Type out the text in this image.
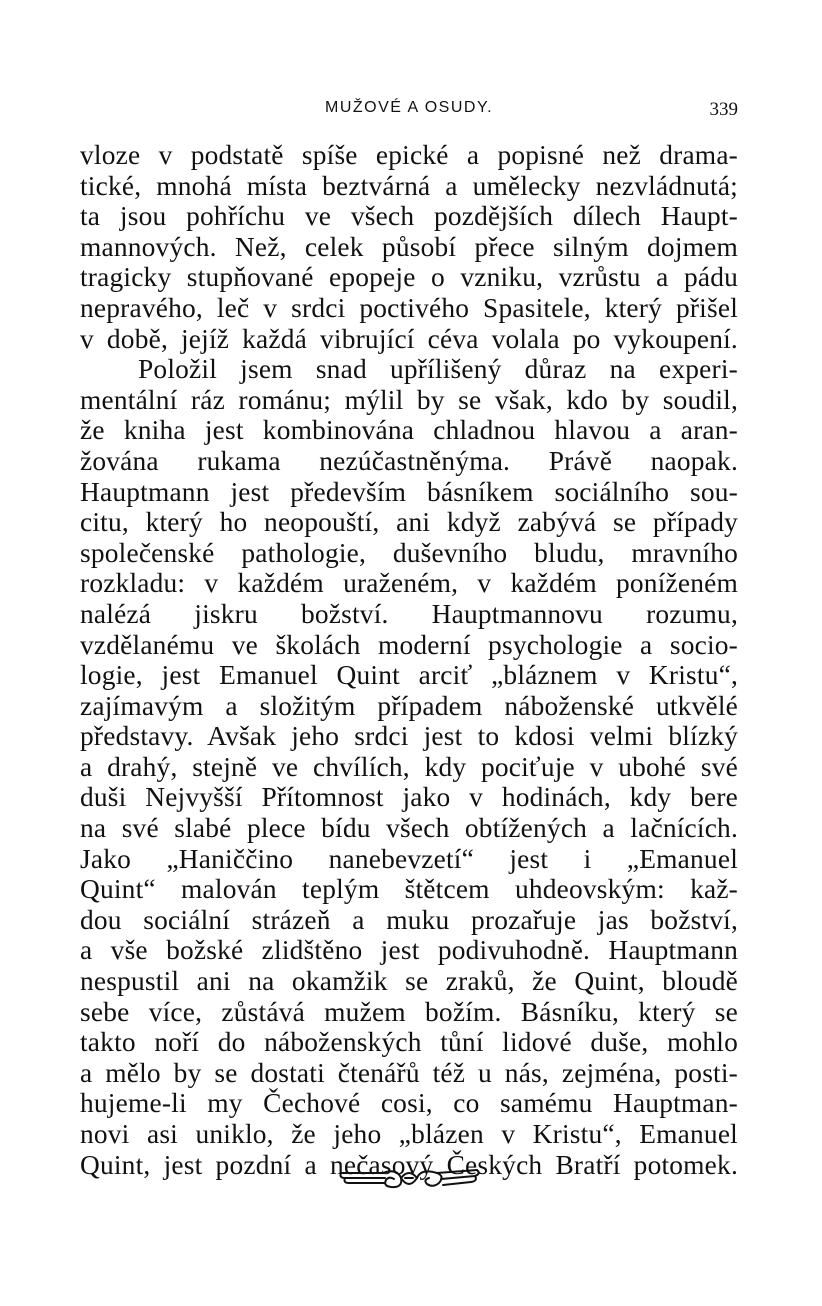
MUŽOVÉ A OSUDY.	339
vloze v podstatě spíše epické a popisné než drama-
tické, mnohá místa beztvárná a umělecky nezvládnutá;
ta jsou pohříchu ve všech pozdějších dílech Haupt-
mannových. Než, celek působí přece silným dojmem
tragicky stupňované epopeje o vzniku, vzrůstu a pádu
nepravého, leč v srdci poctivého Spasitele, který přišel
v době, jejíž každá vibrující céva volala po vykoupení.
Položil jsem snad upřílišený důraz na experi-
mentální ráz románu; mýlil by se však, kdo by soudil,
že kniha jest kombinována chladnou hlavou a aran-
žována rukama nezúčastněnýma. Právě naopak.
Hauptmann jest především básníkem sociálního sou-
citu, který ho neopouští, ani když zabývá se případy
společenské pathologie, duševního bludu, mravního
rozkladu: v každém uraženém, v každém poníženém
nalézá jiskru božství. Hauptmannovu rozumu,
vzdělanému ve školách moderní psychologie a socio-
logie, jest Emanuel Quint arciť „bláznem v Kristu“,
zajímavým a složitým případem náboženské utkvělé
představy. Avšak jeho srdci jest to kdosi velmi blízký
a drahý, stejně ve chvílích, kdy pociťuje v ubohé své
duši Nejvyšší Přítomnost jako v hodinách, kdy bere
na své slabé plece bídu všech obtížených a lačnících.
Jako „Haniččino nanebevzetí“ jest i „Emanuel
Quint“ malován teplým štětcem uhdeovským: kaž-
dou sociální strázeň a muku prozařuje jas božství,
a vše božské zlidštěno jest podivuhodně. Hauptmann
nespustil ani na okamžik se zraků, že Quint, bloudě
sebe více, zůstává mužem božím. Básníku, který se
takto noří do náboženských tůní lidové duše, mohlo
a mělo by se dostati čtenářů též u nás, zejména, posti-
hujeme-li my Čechové cosi, co samému Hauptman-
novi asi uniklo, že jeho „blázen v Kristu“, Emanuel
Quint, jest pozdní a nečasový Českých Bratří potomek.
